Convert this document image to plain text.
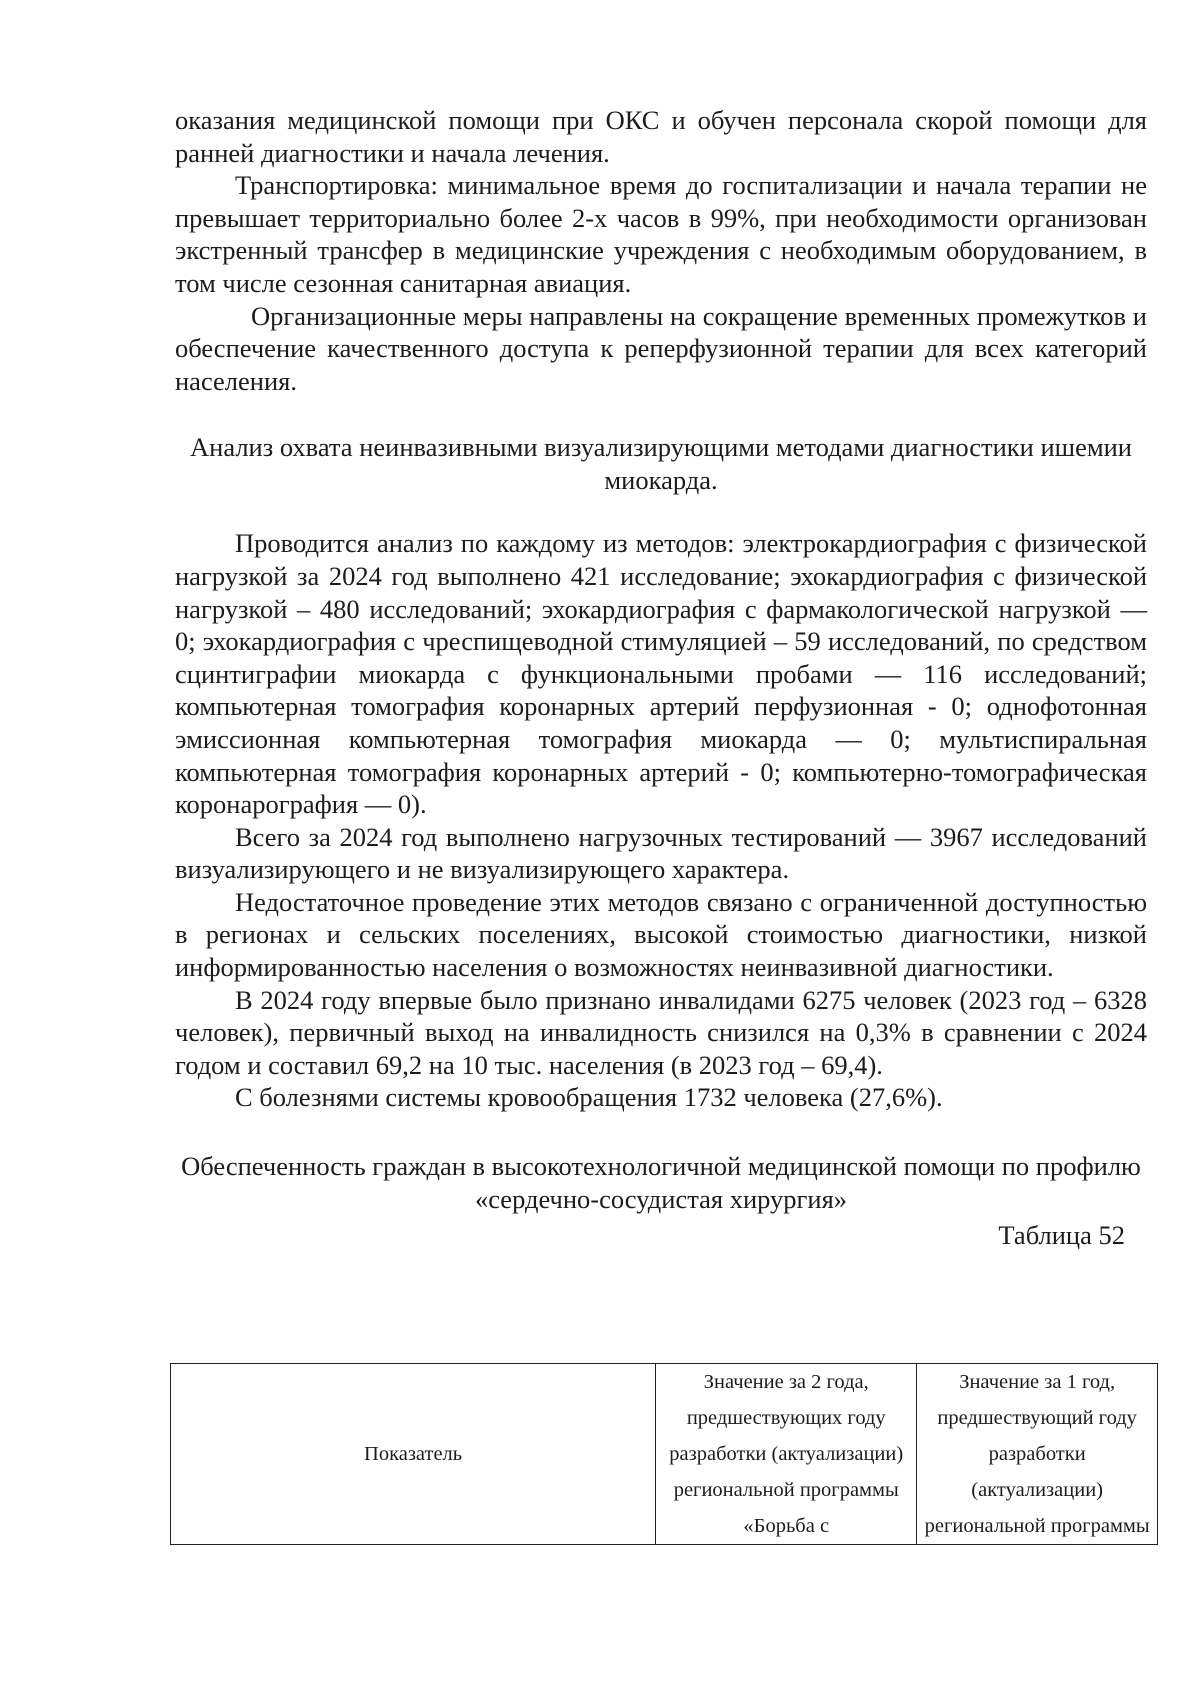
оказания медицинской помощи при ОКС и обучен персонала скорой помощи для ранней диагностики и начала лечения.

Транспортировка: минимальное время до госпитализации и начала терапии не превышает территориально более 2-х часов в 99%, при необходимости организован экстренный трансфер в медицинские учреждения с необходимым оборудованием, в том числе сезонная санитарная авиация.

Организационные меры направлены на сокращение временных промежутков и обеспечение качественного доступа к реперфузионной терапии для всех категорий населения.

Анализ охвата неинвазивными визуализирующими методами диагностики ишемии миокарда.

Проводится анализ по каждому из методов: электрокардиография с физической нагрузкой за 2024 год выполнено 421 исследование; эхокардиография с физической нагрузкой – 480 исследований; эхокардиография с фармакологической нагрузкой — 0; эхокардиография с чреспищеводной стимуляцией – 59 исследований, по средством сцинтиграфии миокарда с функциональными пробами — 116 исследований; компьютерная томография коронарных артерий перфузионная - 0; однофотонная эмиссионная компьютерная томография миокарда — 0; мультиспиральная компьютерная томография коронарных артерий - 0; компьютерно-томографическая коронарография — 0).

Всего за 2024 год выполнено нагрузочных тестирований — 3967 исследований визуализирующего и не визуализирующего характера.

Недостаточное проведение этих методов связано с ограниченной доступностью в регионах и сельских поселениях, высокой стоимостью диагностики, низкой информированностью населения о возможностях неинвазивной диагностики.

В 2024 году впервые было признано инвалидами 6275 человек (2023 год – 6328 человек), первичный выход на инвалидность снизился на 0,3% в сравнении с 2024 годом и составил 69,2 на 10 тыс. населения (в 2023 год – 69,4).

С болезнями системы кровообращения 1732 человека (27,6%).

Обеспеченность граждан в высокотехнологичной медицинской помощи по профилю «сердечно-сосудистая хирургия»

Таблица 52

Показатель	Значение за 2 года, предшествующих году разработки (актуализации) региональной программы «Борьба с	Значение за 1 год, предшествующий году разработки (актуализации) региональной программы
